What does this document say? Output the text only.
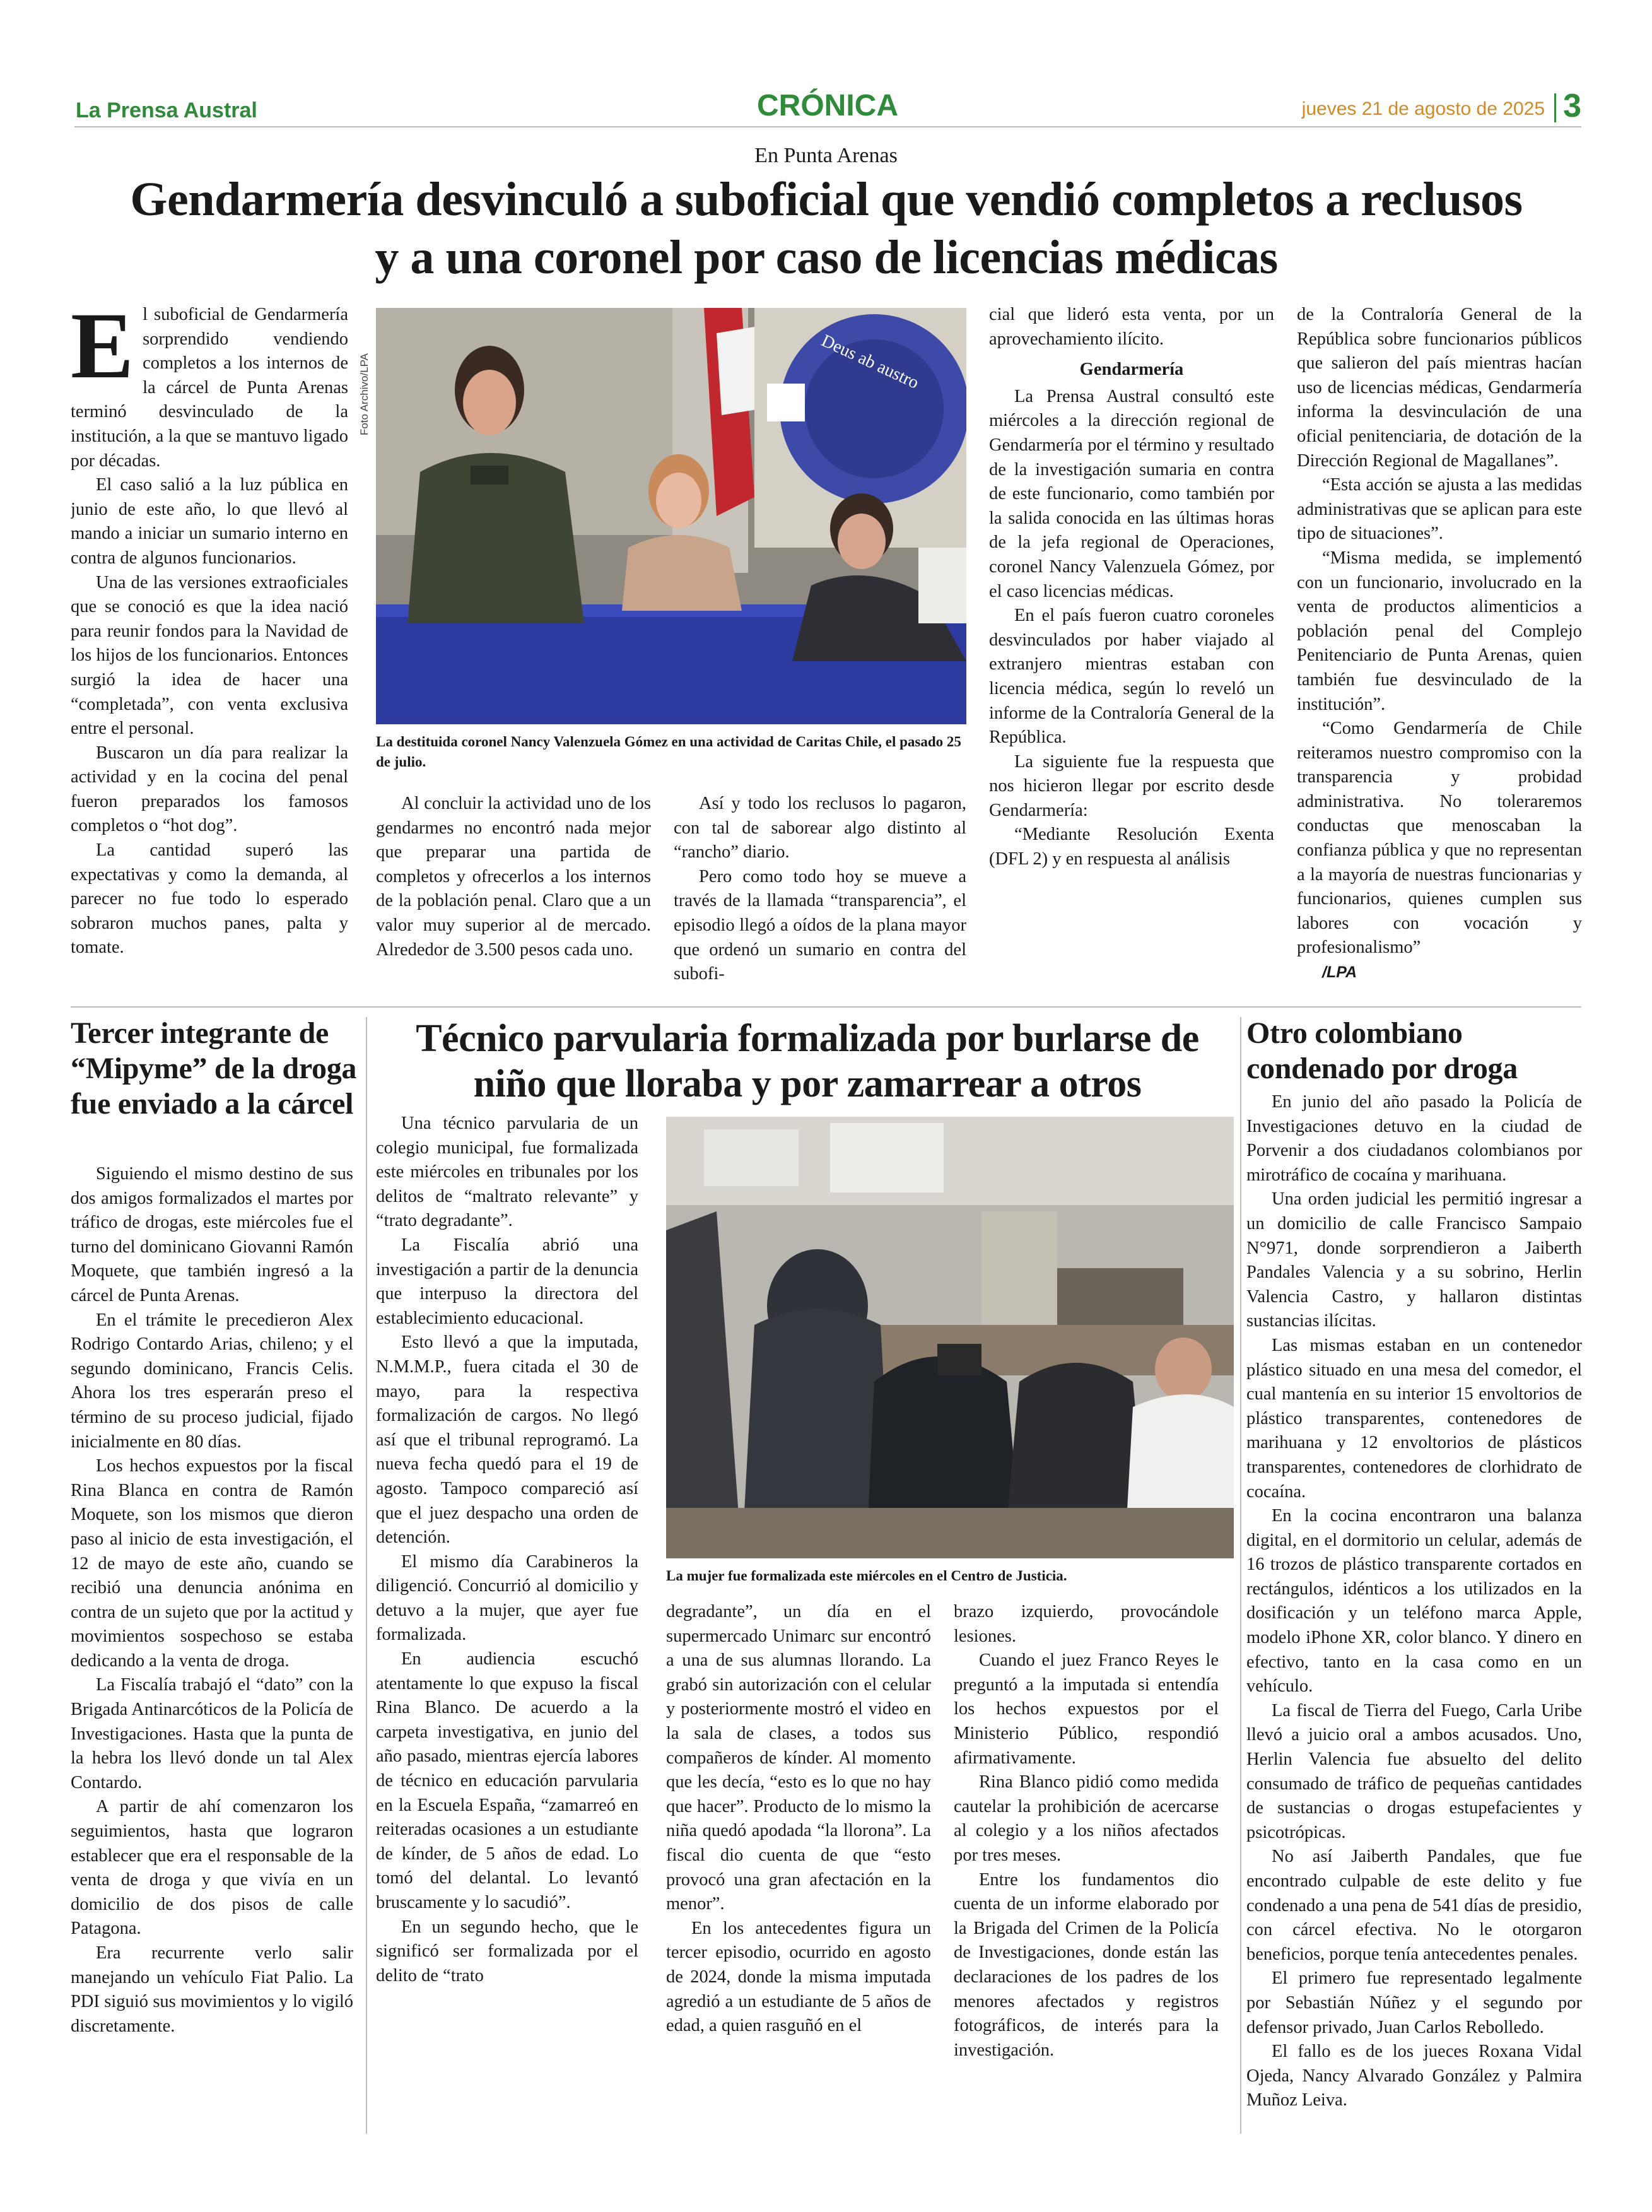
La Prensa Austral	CRÓNICA	jueves 21 de agosto de 2025 3
En Punta Arenas
Gendarmería desvinculó a suboficial que vendió completos a reclusos y a una coronel por caso de licencias médicas
E l suboficial de Gendarmería sorprendido vendiendo completos a los internos de la cárcel de Punta Arenas terminó desvinculado de la institución, a la que se mantuvo ligado por décadas.

El caso salió a la luz pública en junio de este año, lo que llevó al mando a iniciar un sumario interno en contra de algunos funcionarios.

Una de las versiones extraoficiales que se conoció es que la idea nació para reunir fondos para la Navidad de los hijos de los funcionarios. Entonces surgió la idea de hacer una “completada”, con venta exclusiva entre el personal.

Buscaron un día para realizar la actividad y en la cocina del penal fueron preparados los famosos completos o “hot dog”.

La cantidad superó las expectativas y como la demanda, al parecer no fue todo lo esperado sobraron muchos panes, palta y tomate.

Foto Archivo/LPA	Deus ab austro
La destituida coronel Nancy Valenzuela Gómez en una actividad de Caritas Chile, el pasado 25 de julio.

Al concluir la actividad uno de los gendarmes no encontró nada mejor que preparar una partida de completos y ofrecerlos a los internos de la población penal. Claro que a un valor muy superior al de mercado. Alrededor de 3.500 pesos cada uno.

Así y todo los reclusos lo pagaron, con tal de saborear algo distinto al “rancho” diario.

Pero como todo hoy se mueve a través de la llamada “transparencia”, el episodio llegó a oídos de la plana mayor que ordenó un sumario en contra del subofi-

cial que lideró esta venta, por un aprovechamiento ilícito.

Gendarmería

La Prensa Austral consultó este miércoles a la dirección regional de Gendarmería por el término y resultado de la investigación sumaria en contra de este funcionario, como también por la salida conocida en las últimas horas de la jefa regional de Operaciones, coronel Nancy Valenzuela Gómez, por el caso licencias médicas.

En el país fueron cuatro coroneles desvinculados por haber viajado al extranjero mientras estaban con licencia médica, según lo reveló un informe de la Contraloría General de la República.

La siguiente fue la respuesta que nos hicieron llegar por escrito desde Gendarmería:

“Mediante Resolución Exenta (DFL 2) y en respuesta al análisis

de la Contraloría General de la República sobre funcionarios públicos que salieron del país mientras hacían uso de licencias médicas, Gendarmería informa la desvinculación de una oficial penitenciaria, de dotación de la Dirección Regional de Magallanes”.

“Esta acción se ajusta a las medidas administrativas que se aplican para este tipo de situaciones”.

“Misma medida, se implementó con un funcionario, involucrado en la venta de productos alimenticios a población penal del Complejo Penitenciario de Punta Arenas, quien también fue desvinculado de la institución”.

“Como Gendarmería de Chile reiteramos nuestro compromiso con la transparencia y probidad administrativa. No toleraremos conductas que menoscaban la confianza pública y que no representan a la mayoría de nuestras funcionarias y funcionarios, quienes cumplen sus labores con vocación y profesionalismo”

/LPA

Tercer integrante de “Mipyme” de la droga fue enviado a la cárcel

Siguiendo el mismo destino de sus dos amigos formalizados el martes por tráfico de drogas, este miércoles fue el turno del dominicano Giovanni Ramón Moquete, que también ingresó a la cárcel de Punta Arenas.

En el trámite le precedieron Alex Rodrigo Contardo Arias, chileno; y el segundo dominicano, Francis Celis. Ahora los tres esperarán preso el término de su proceso judicial, fijado inicialmente en 80 días.

Los hechos expuestos por la fiscal Rina Blanca en contra de Ramón Moquete, son los mismos que dieron paso al inicio de esta investigación, el 12 de mayo de este año, cuando se recibió una denuncia anónima en contra de un sujeto que por la actitud y movimientos sospechoso se estaba dedicando a la venta de droga.

La Fiscalía trabajó el “dato” con la Brigada Antinarcóticos de la Policía de Investigaciones. Hasta que la punta de la hebra los llevó donde un tal Alex Contardo.

A partir de ahí comenzaron los seguimientos, hasta que lograron establecer que era el responsable de la venta de droga y que vivía en un domicilio de dos pisos de calle Patagona.

Era recurrente verlo salir manejando un vehículo Fiat Palio. La PDI siguió sus movimientos y lo vigiló discretamente.

Técnico parvularia formalizada por burlarse de niño que lloraba y por zamarrear a otros

Una técnico parvularia de un colegio municipal, fue formalizada este miércoles en tribunales por los delitos de “maltrato relevante” y “trato degradante”.

La Fiscalía abrió una investigación a partir de la denuncia que interpuso la directora del establecimiento educacional.

Esto llevó a que la imputada, N.M.M.P., fuera citada el 30 de mayo, para la respectiva formalización de cargos. No llegó así que el tribunal reprogramó. La nueva fecha quedó para el 19 de agosto. Tampoco compareció así que el juez despacho una orden de detención.

El mismo día Carabineros la diligenció. Concurrió al domicilio y detuvo a la mujer, que ayer fue formalizada.

En audiencia escuchó atentamente lo que expuso la fiscal Rina Blanco. De acuerdo a la carpeta investigativa, en junio del año pasado, mientras ejercía labores de técnico en educación parvularia en la Escuela España, “zamarreó en reiteradas ocasiones a un estudiante de kínder, de 5 años de edad. Lo tomó del delantal. Lo levantó bruscamente y lo sacudió”.

En un segundo hecho, que le significó ser formalizada por el delito de “trato

La mujer fue formalizada este miércoles en el Centro de Justicia.

degradante”, un día en el supermercado Unimarc sur encontró a una de sus alumnas llorando. La grabó sin autorización con el celular y posteriormente mostró el video en la sala de clases, a todos sus compañeros de kínder. Al momento que les decía, “esto es lo que no hay que hacer”. Producto de lo mismo la niña quedó apodada “la llorona”. La fiscal dio cuenta de que “esto provocó una gran afectación en la menor”.

En los antecedentes figura un tercer episodio, ocurrido en agosto de 2024, donde la misma imputada agredió a un estudiante de 5 años de edad, a quien rasguñó en el

brazo izquierdo, provocándole lesiones.

Cuando el juez Franco Reyes le preguntó a la imputada si entendía los hechos expuestos por el Ministerio Público, respondió afirmativamente.

Rina Blanco pidió como medida cautelar la prohibición de acercarse al colegio y a los niños afectados por tres meses.

Entre los fundamentos dio cuenta de un informe elaborado por la Brigada del Crimen de la Policía de Investigaciones, donde están las declaraciones de los padres de los menores afectados y registros fotográficos, de interés para la investigación.

Otro colombiano condenado por droga

En junio del año pasado la Policía de Investigaciones detuvo en la ciudad de Porvenir a dos ciudadanos colombianos por mirotráfico de cocaína y marihuana.

Una orden judicial les permitió ingresar a un domicilio de calle Francisco Sampaio N°971, donde sorprendieron a Jaiberth Pandales Valencia y a su sobrino, Herlin Valencia Castro, y hallaron distintas sustancias ilícitas.

Las mismas estaban en un contenedor plástico situado en una mesa del comedor, el cual mantenía en su interior 15 envoltorios de plástico transparentes, contenedores de marihuana y 12 envoltorios de plásticos transparentes, contenedores de clorhidrato de cocaína.

En la cocina encontraron una balanza digital, en el dormitorio un celular, además de 16 trozos de plástico transparente cortados en rectángulos, idénticos a los utilizados en la dosificación y un teléfono marca Apple, modelo iPhone XR, color blanco. Y dinero en efectivo, tanto en la casa como en un vehículo.

La fiscal de Tierra del Fuego, Carla Uribe llevó a juicio oral a ambos acusados. Uno, Herlin Valencia fue absuelto del delito consumado de tráfico de pequeñas cantidades de sustancias o drogas estupefacientes y psicotrópicas.

No así Jaiberth Pandales, que fue encontrado culpable de este delito y fue condenado a una pena de 541 días de presidio, con cárcel efectiva. No le otorgaron beneficios, porque tenía antecedentes penales.

El primero fue representado legalmente por Sebastián Núñez y el segundo por defensor privado, Juan Carlos Rebolledo.

El fallo es de los jueces Roxana Vidal Ojeda, Nancy Alvarado González y Palmira Muñoz Leiva.
